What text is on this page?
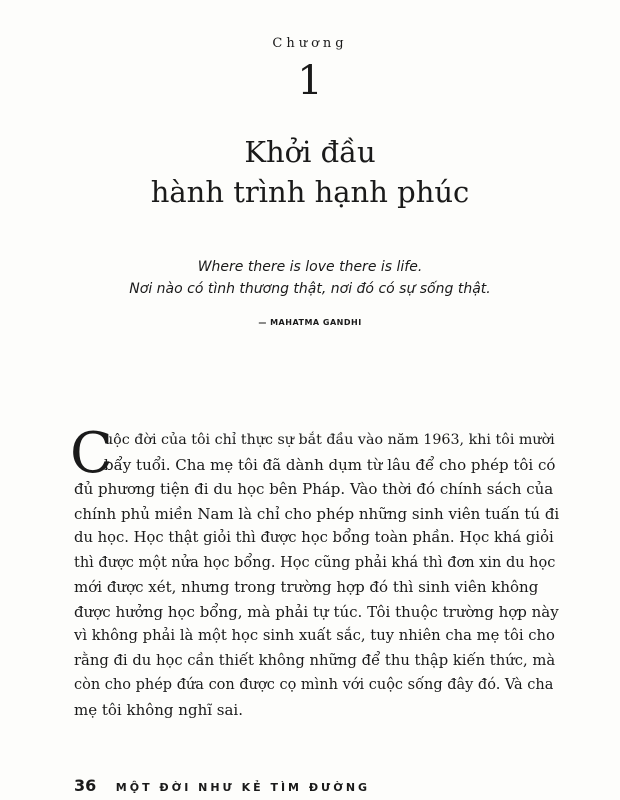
Chương
1
Khởi đầu
hành trình hạnh phúc
Where there is love there is life.
Nơi nào có tình thương thật, nơi đó có sự sống thật.
— MAHATMA GANDHI
C
uộc đời của tôi chỉ thực sự bắt đầu vào năm 1963, khi tôi mười
bẩy tuổi. Cha mẹ tôi đã dành dụm từ lâu để cho phép tôi có
đủ phương tiện đi du học bên Pháp. Vào thời đó chính sách của
chính phủ miền Nam là chỉ cho phép những sinh viên tuấn tú đi
du học. Học thật giỏi thì được học bổng toàn phần. Học khá giỏi
thì được một nửa học bổng. Học cũng phải khá thì đơn xin du học
mới được xét, nhưng trong trường hợp đó thì sinh viên không
được hưởng học bổng, mà phải tự túc. Tôi thuộc trường hợp này
vì không phải là một học sinh xuất sắc, tuy nhiên cha mẹ tôi cho
rằng đi du học cần thiết không những để thu thập kiến thức, mà
còn cho phép đứa con được cọ mình với cuộc sống đây đó. Và cha
mẹ tôi không nghĩ sai.
36 MỘT ĐỜI NHƯ KẺ TÌM ĐƯỜNG
